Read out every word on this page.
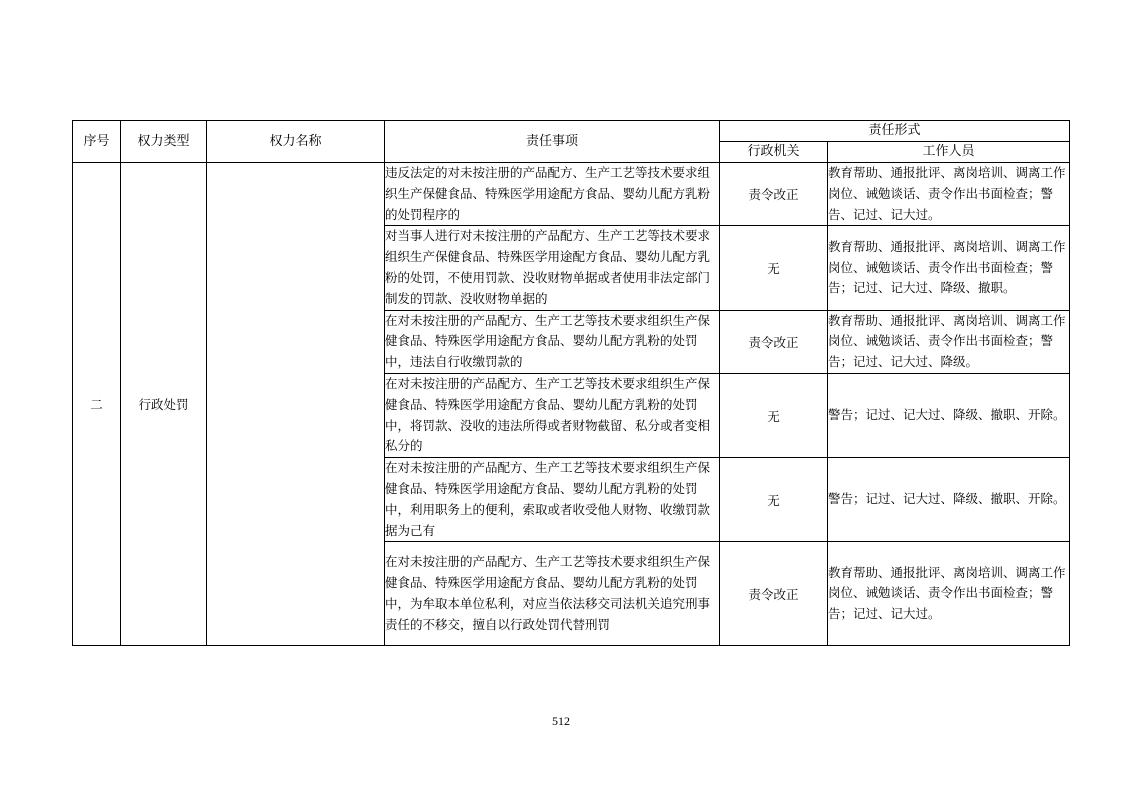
序号	权力类型	权力名称	责任事项	责任形式	
				行政机关	工作人员
二	行政处罚		违反法定的对未按注册的产品配方、生产工艺等技术要求组织生产保健食品、特殊医学用途配方食品、婴幼儿配方乳粉的处罚程序的	责令改正	教育帮助、通报批评、离岗培训、调离工作岗位、诫勉谈话、责令作出书面检查；警告、记过、记大过。
			对当事人进行对未按注册的产品配方、生产工艺等技术要求组织生产保健食品、特殊医学用途配方食品、婴幼儿配方乳粉的处罚，不使用罚款、没收财物单据或者使用非法定部门制发的罚款、没收财物单据的	无	教育帮助、通报批评、离岗培训、调离工作岗位、诫勉谈话、责令作出书面检查；警告；记过、记大过、降级、撤职。
			在对未按注册的产品配方、生产工艺等技术要求组织生产保健食品、特殊医学用途配方食品、婴幼儿配方乳粉的处罚中，违法自行收缴罚款的	责令改正	教育帮助、通报批评、离岗培训、调离工作岗位、诫勉谈话、责令作出书面检查；警告；记过、记大过、降级。
			在对未按注册的产品配方、生产工艺等技术要求组织生产保健食品、特殊医学用途配方食品、婴幼儿配方乳粉的处罚中，将罚款、没收的违法所得或者财物截留、私分或者变相私分的	无	警告；记过、记大过、降级、撤职、开除。
			在对未按注册的产品配方、生产工艺等技术要求组织生产保健食品、特殊医学用途配方食品、婴幼儿配方乳粉的处罚中，利用职务上的便利，索取或者收受他人财物、收缴罚款据为己有	无	警告；记过、记大过、降级、撤职、开除。
			在对未按注册的产品配方、生产工艺等技术要求组织生产保健食品、特殊医学用途配方食品、婴幼儿配方乳粉的处罚中，为牟取本单位私利，对应当依法移交司法机关追究刑事责任的不移交，擅自以行政处罚代替刑罚	责令改正	教育帮助、通报批评、离岗培训、调离工作岗位、诫勉谈话、责令作出书面检查；警告；记过、记大过。
512
